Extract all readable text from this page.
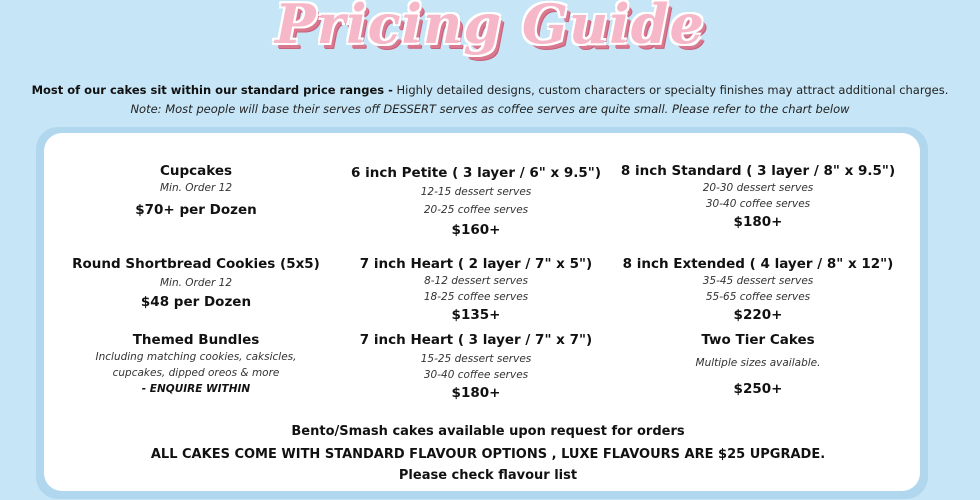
Pricing Guide
Most of our cakes sit within our standard price ranges - Highly detailed designs, custom characters or specialty finishes may attract additional charges.
Note: Most people will base their serves off DESSERT serves as coffee serves are quite small. Please refer to the chart below
Cupcakes
Min. Order 12
$70+ per Dozen
Round Shortbread Cookies (5x5)
Min. Order 12
$48 per Dozen
Themed Bundles
Including matching cookies, caksicles,
cupcakes, dipped oreos & more
- ENQUIRE WITHIN
6 inch Petite ( 3 layer / 6" x 9.5")
12-15 dessert serves
20-25 coffee serves
$160+
7 inch Heart ( 2 layer / 7" x 5")
8-12 dessert serves
18-25 coffee serves
$135+
7 inch Heart ( 3 layer / 7" x 7")
15-25 dessert serves
30-40 coffee serves
$180+
8 inch Standard ( 3 layer / 8" x 9.5")
20-30 dessert serves
30-40 coffee serves
$180+
8 inch Extended ( 4 layer / 8" x 12")
35-45 dessert serves
55-65 coffee serves
$220+
Two Tier Cakes
Multiple sizes available.
$250+
Bento/Smash cakes available upon request for orders
ALL CAKES COME WITH STANDARD FLAVOUR OPTIONS , LUXE FLAVOURS ARE $25 UPGRADE.
Please check flavour list
